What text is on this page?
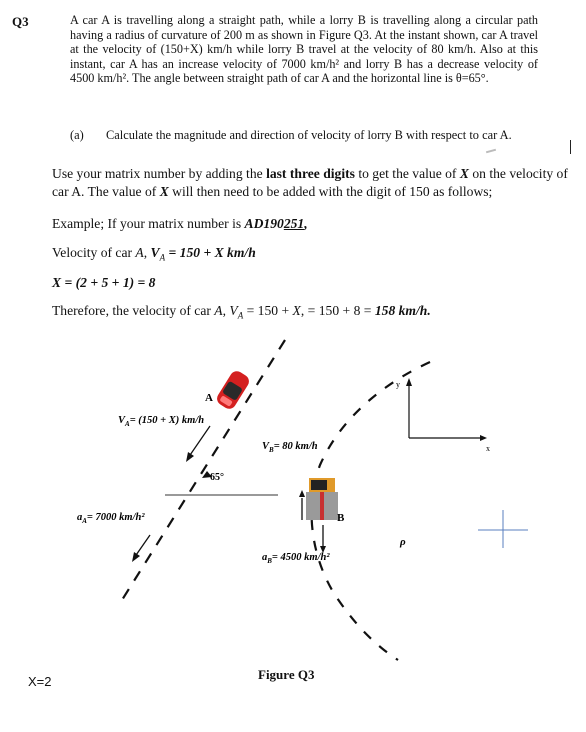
Q3	A car A is travelling along a straight path, while a lorry B is travelling along a circular path having a radius of curvature of 200 m as shown in Figure Q3. At the instant shown, car A travel at the velocity of (150+X) km/h while lorry B travel at the velocity of 80 km/h. Also at this instant, car A has an increase velocity of 7000 km/h² and lorry B has a decrease velocity of 4500 km/h². The angle between straight path of car A and the horizontal line is θ=65°.
(a) Calculate the magnitude and direction of velocity of lorry B with respect to car A.
Use your matrix number by adding the last three digits to get the value of X on the velocity of car A. The value of X will then need to be added with the digit of 150 as follows;
Example; If your matrix number is AD190251,
Velocity of car A, $V_A = 150 + X$ km/h
X = (2 + 5 + 1) = 8
Therefore, the velocity of car A, $V_A = 150 + X$, = 150 + 8 = 158 km/h.
A
65°
$V_A= (150 + X)$ km/h
$a_A= 7000$ km/h²	B
$V_B= 80$ km/h
$a_B= 4500$ km/h²
ρ
y
x
Figure Q3
X=2
